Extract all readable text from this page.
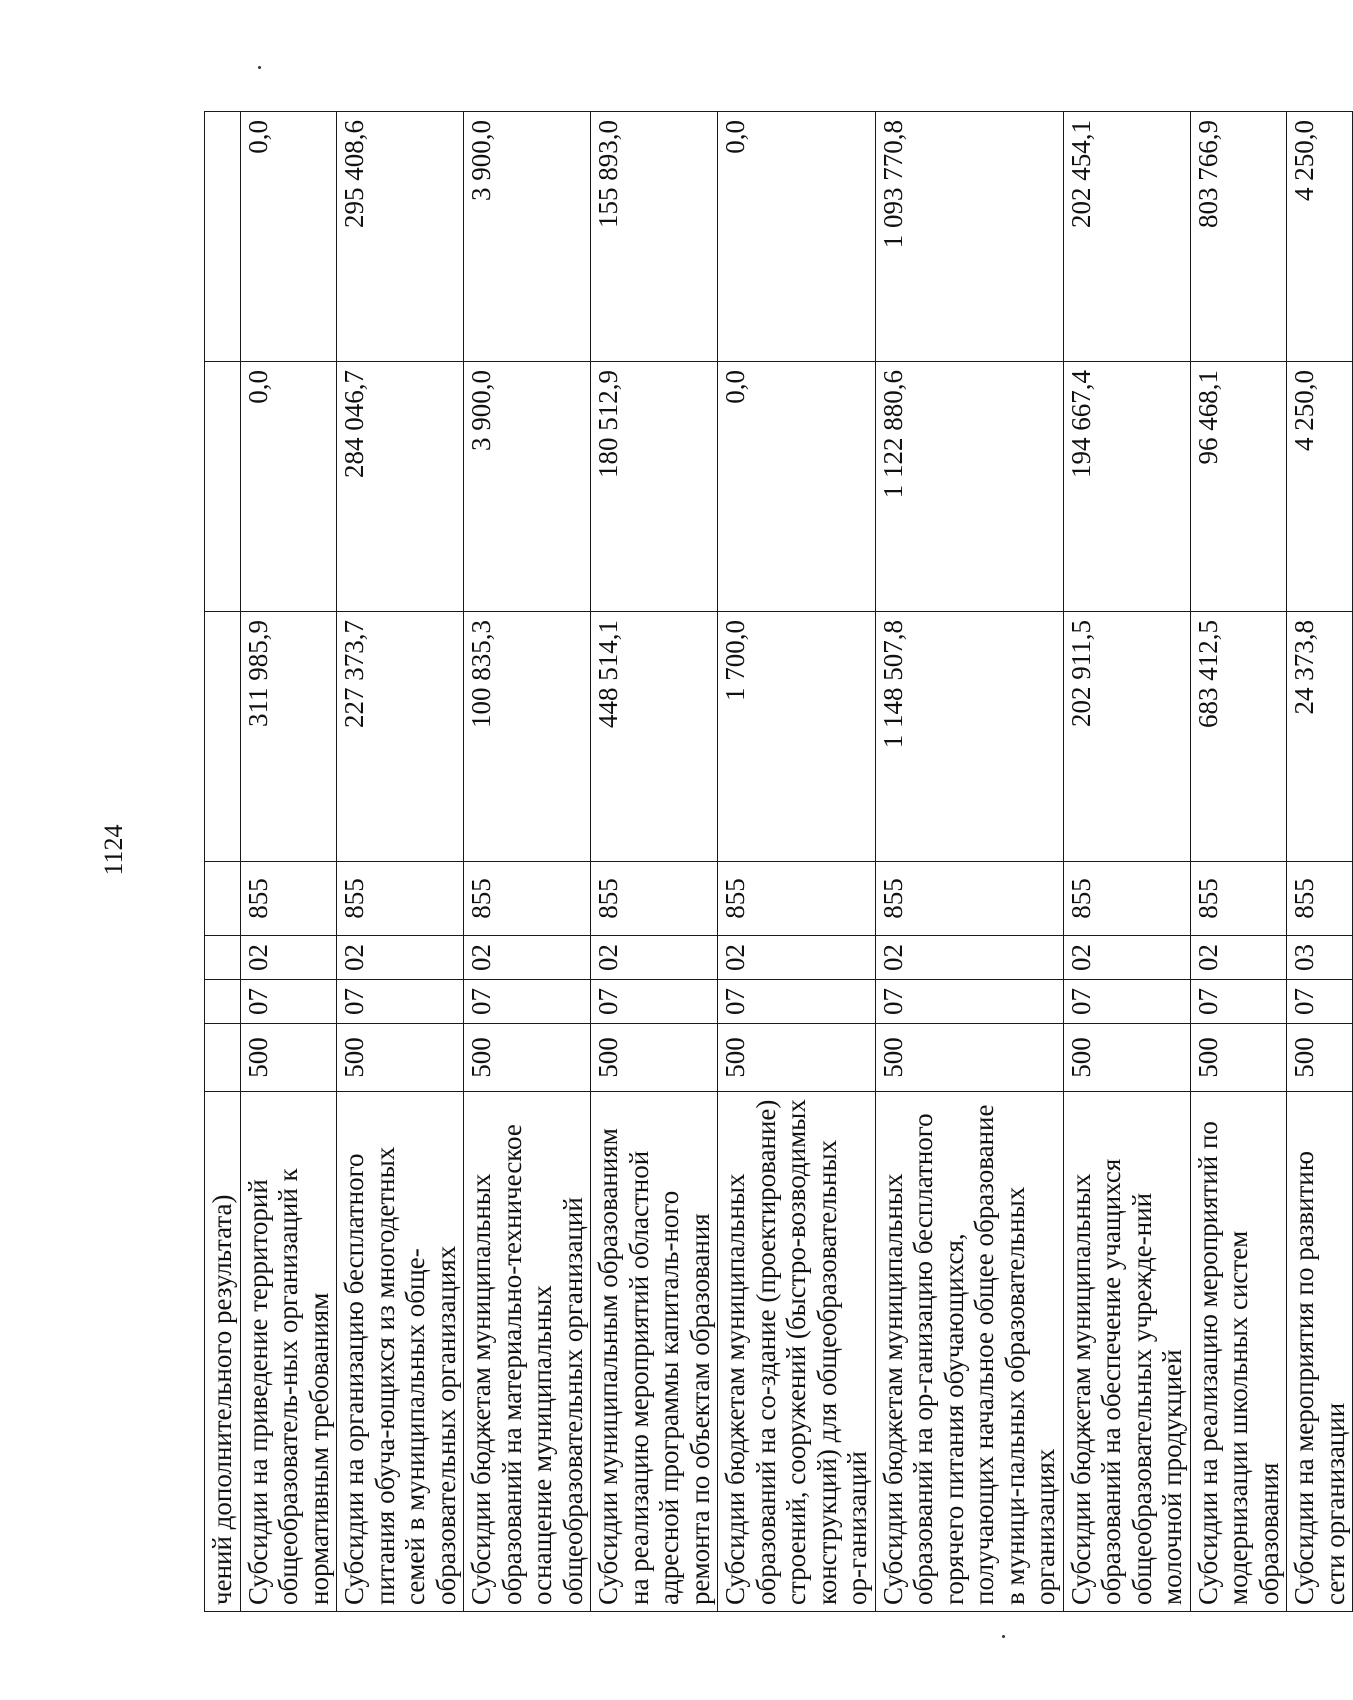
1124
чений дополнительного результата)							
Субсидии на приведение территорий общеобразователь-ных организаций к нормативным требованиям	500	07	02	855	311 985,9	0,0	0,0
Субсидии на организацию бесплатного питания обуча-ющихся из многодетных семей в муниципальных обще-образовательных организациях	500	07	02	855	227 373,7	284 046,7	295 408,6
Субсидии бюджетам муниципальных образований на материально-техническое оснащение муниципальных общеобразовательных организаций	500	07	02	855	100 835,3	3 900,0	3 900,0
Субсидии муниципальным образованиям на реализацию мероприятий областной адресной программы капиталь-ного ремонта по объектам образования	500	07	02	855	448 514,1	180 512,9	155 893,0
Субсидии бюджетам муниципальных образований на со-здание (проектирование) строений, сооружений (быстро-возводимых конструкций) для общеобразовательных ор-ганизаций	500	07	02	855	1 700,0	0,0	0,0
Субсидии бюджетам муниципальных образований на ор-ганизацию бесплатного горячего питания обучающихся, получающих начальное общее образование в муници-пальных образовательных организациях	500	07	02	855	1 148 507,8	1 122 880,6	1 093 770,8
Субсидии бюджетам муниципальных образований на обеспечение учащихся общеобразовательных учрежде-ний молочной продукцией	500	07	02	855	202 911,5	194 667,4	202 454,1
Субсидии на реализацию мероприятий по модернизации школьных систем образования	500	07	02	855	683 412,5	96 468,1	803 766,9
Субсидии на мероприятия по развитию сети организации	500	07	03	855	24 373,8	4 250,0	4 250,0
